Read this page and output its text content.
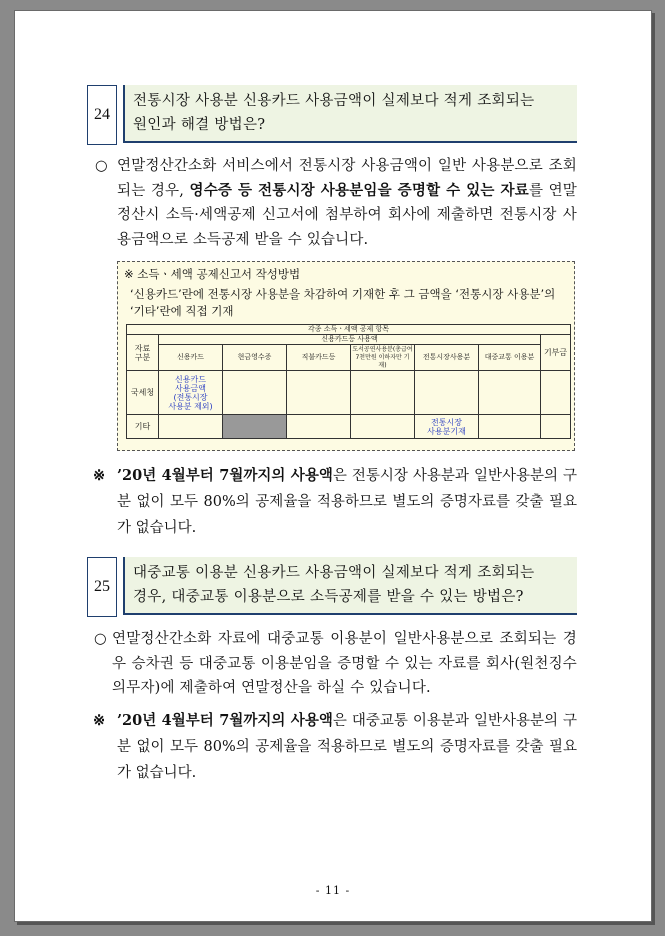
24
전통시장 사용분 신용카드 사용금액이 실제보다 적게 조회되는
원인과 해결 방법은?
○ 연말정산간소화 서비스에서 전통시장 사용금액이 일반 사용분으로 조회되는 경우, 영수증 등 전통시장 사용분임을 증명할 수 있는 자료를 연말정산시 소득·세액공제 신고서에 첨부하여 회사에 제출하면 전통시장 사용금액으로 소득공제 받을 수 있습니다.
※ 소득ㆍ세액 공제신고서 작성방법
‘신용카드’란에 전통시장 사용분을 차감하여 기재한 후 그 금액을 ‘전통시장 사용분’의 ‘기타’란에 직접 기재
각종 소득ㆍ세액 공제 항목							
자료
구분	신용카드등 사용액						기부금
	신용카드	현금영수증	직불카드등	도서공연사용분(총급여 7천만원 이하자만 기재)	전통시장사용분	대중교통 이용분	
국세청	신용카드
사용금액
(전통시장
사용분 제외)						
기타					전통시장
사용분기재		
※ ’20년 4월부터 7월까지의 사용액은 전통시장 사용분과 일반사용분의 구분 없이 모두 80%의 공제율을 적용하므로 별도의 증명자료를 갖출 필요가 없습니다.
25
대중교통 이용분 신용카드 사용금액이 실제보다 적게 조회되는
경우, 대중교통 이용분으로 소득공제를 받을 수 있는 방법은?
○ 연말정산간소화 자료에 대중교통 이용분이 일반사용분으로 조회되는 경우 승차권 등 대중교통 이용분임을 증명할 수 있는 자료를 회사(원천징수의무자)에 제출하여 연말정산을 하실 수 있습니다.
※ ’20년 4월부터 7월까지의 사용액은 대중교통 이용분과 일반사용분의 구분 없이 모두 80%의 공제율을 적용하므로 별도의 증명자료를 갖출 필요가 없습니다.
- 11 -
